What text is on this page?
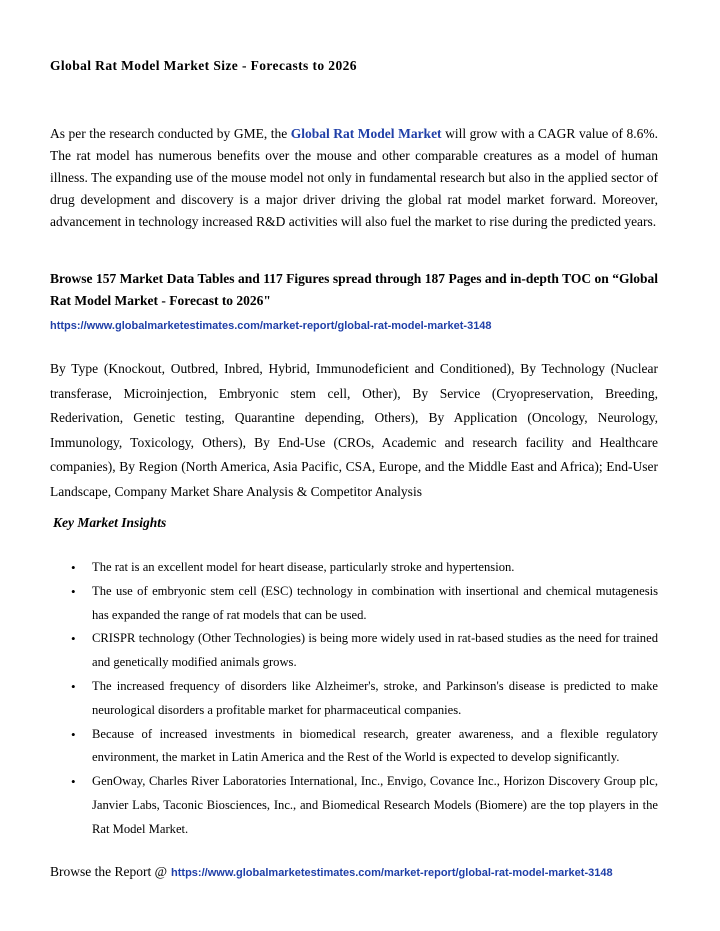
Global Rat Model Market Size - Forecasts to 2026

As per the research conducted by GME, the Global Rat Model Market will grow with a CAGR value of 8.6%. The rat model has numerous benefits over the mouse and other comparable creatures as a model of human illness. The expanding use of the mouse model not only in fundamental research but also in the applied sector of drug development and discovery is a major driver driving the global rat model market forward. Moreover, advancement in technology increased R&D activities will also fuel the market to rise during the predicted years.

Browse 157 Market Data Tables and 117 Figures spread through 187 Pages and in-depth TOC on “Global Rat Model Market - Forecast to 2026"

https://www.globalmarketestimates.com/market-report/global-rat-model-market-3148

By Type (Knockout, Outbred, Inbred, Hybrid, Immunodeficient and Conditioned), By Technology (Nuclear transferase, Microinjection, Embryonic stem cell, Other), By Service (Cryopreservation, Breeding, Rederivation, Genetic testing, Quarantine depending, Others), By Application (Oncology, Neurology, Immunology, Toxicology, Others), By End-Use (CROs, Academic and research facility and Healthcare companies), By Region (North America, Asia Pacific, CSA, Europe, and the Middle East and Africa); End-User Landscape, Company Market Share Analysis & Competitor Analysis

Key Market Insights
• The rat is an excellent model for heart disease, particularly stroke and hypertension.
• The use of embryonic stem cell (ESC) technology in combination with insertional and chemical mutagenesis has expanded the range of rat models that can be used.
• CRISPR technology (Other Technologies) is being more widely used in rat-based studies as the need for trained and genetically modified animals grows.
• The increased frequency of disorders like Alzheimer's, stroke, and Parkinson's disease is predicted to make neurological disorders a profitable market for pharmaceutical companies.
• Because of increased investments in biomedical research, greater awareness, and a flexible regulatory environment, the market in Latin America and the Rest of the World is expected to develop significantly.
• GenOway, Charles River Laboratories International, Inc., Envigo, Covance Inc., Horizon Discovery Group plc, Janvier Labs, Taconic Biosciences, Inc., and Biomedical Research Models (Biomere) are the top players in the Rat Model Market.
Browse the Report @ https://www.globalmarketestimates.com/market-report/global-rat-model-market-3148
